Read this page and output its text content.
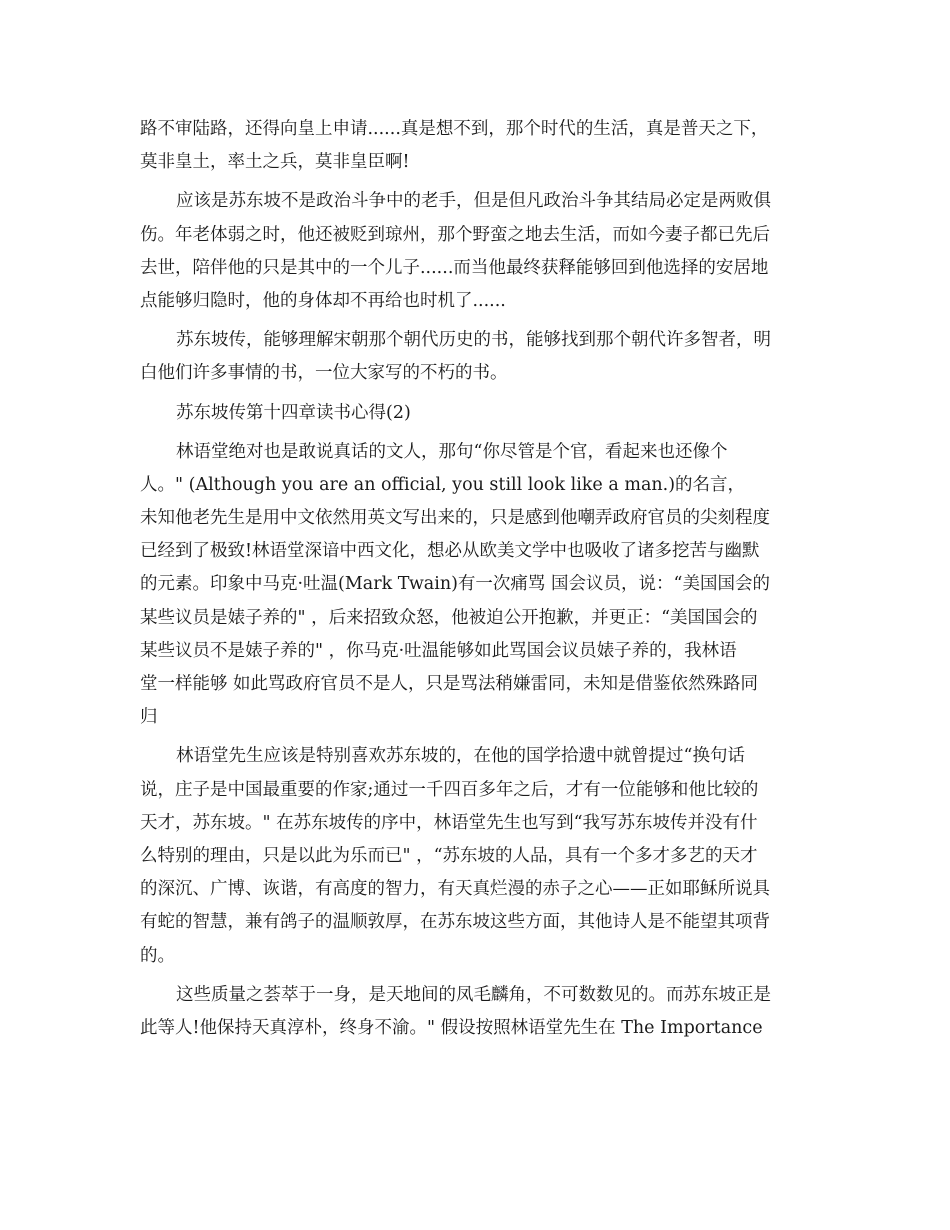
路不审陆路，还得向皇上申请......真是想不到，那个时代的生活，真是普天之下，
莫非皇土，率土之兵，莫非皇臣啊!
应该是苏东坡不是政治斗争中的老手，但是但凡政治斗争其结局必定是两败俱
伤。年老体弱之时，他还被贬到琼州，那个野蛮之地去生活，而如今妻子都已先后
去世，陪伴他的只是其中的一个儿子......而当他最终获释能够回到他选择的安居地
点能够归隐时，他的身体却不再给也时机了......
苏东坡传，能够理解宋朝那个朝代历史的书，能够找到那个朝代许多智者，明
白他们许多事情的书，一位大家写的不朽的书。
苏东坡传第十四章读书心得(2)
林语堂绝对也是敢说真话的文人，那句“你尽管是个官，看起来也还像个
人。" (Although you are an official, you still look like a man.)的名言，
未知他老先生是用中文依然用英文写出来的，只是感到他嘲弄政府官员的尖刻程度
已经到了极致!林语堂深谙中西文化，想必从欧美文学中也吸收了诸多挖苦与幽默
的元素。印象中马克·吐温(Mark Twain)有一次痛骂 国会议员，说：“美国国会的
某些议员是婊子养的" ，后来招致众怒，他被迫公开抱歉，并更正：“美国国会的
某些议员不是婊子养的" ，你马克·吐温能够如此骂国会议员婊子养的，我林语
堂一样能够 如此骂政府官员不是人，只是骂法稍嫌雷同，未知是借鉴依然殊路同
归
林语堂先生应该是特别喜欢苏东坡的，在他的国学拾遗中就曾提过“换句话
说，庄子是中国最重要的作家;通过一千四百多年之后，才有一位能够和他比较的
天才，苏东坡。" 在苏东坡传的序中，林语堂先生也写到“我写苏东坡传并没有什
么特别的理由，只是以此为乐而已" ，“苏东坡的人品，具有一个多才多艺的天才
的深沉、广博、诙谐，有高度的智力，有天真烂漫的赤子之心——正如耶稣所说具
有蛇的智慧，兼有鸽子的温顺敦厚，在苏东坡这些方面，其他诗人是不能望其项背
的。
这些质量之荟萃于一身，是天地间的凤毛麟角，不可数数见的。而苏东坡正是
此等人!他保持天真淳朴，终身不渝。" 假设按照林语堂先生在 The Importance
